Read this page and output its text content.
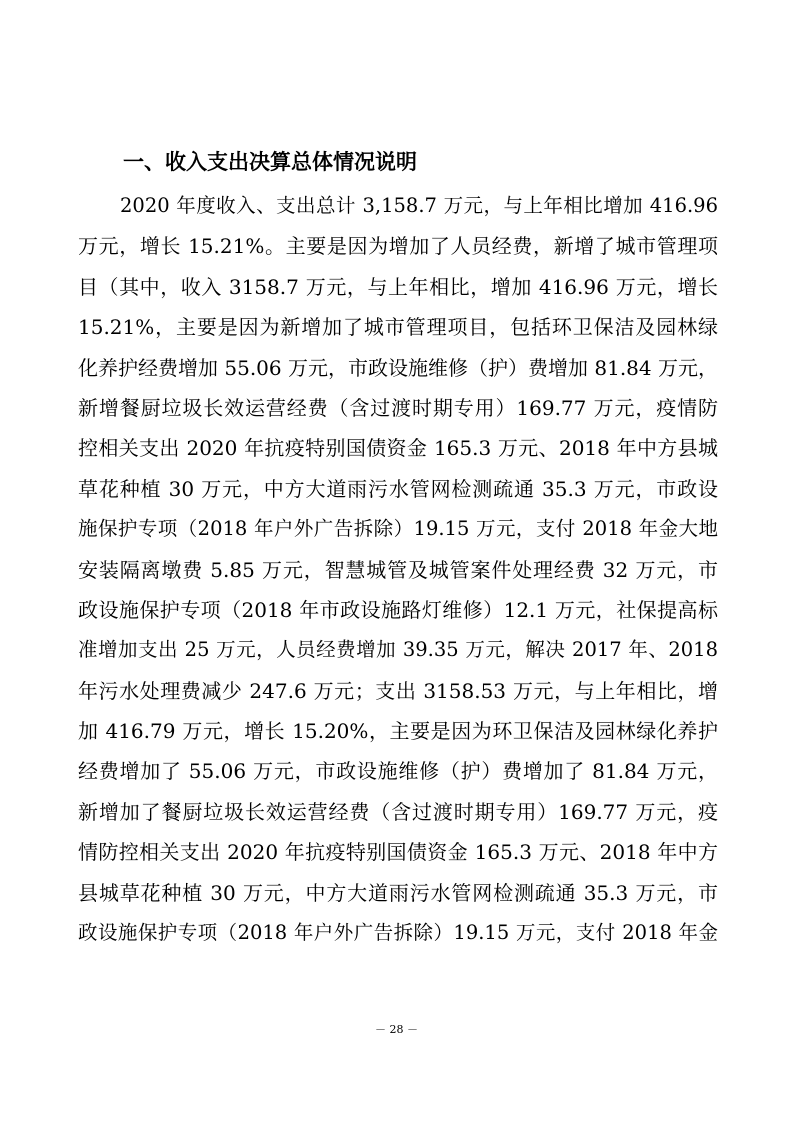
一、收入支出决算总体情况说明
2020 年度收入、支出总计 3,158.7 万元，与上年相比增加 416.96
万元，增长 15.21%。主要是因为增加了人员经费，新增了城市管理项
目（其中，收入 3158.7 万元，与上年相比，增加 416.96 万元，增长
15.21%，主要是因为新增加了城市管理项目，包括环卫保洁及园林绿
化养护经费增加 55.06 万元，市政设施维修（护）费增加 81.84 万元，
新增餐厨垃圾长效运营经费（含过渡时期专用）169.77 万元，疫情防
控相关支出 2020 年抗疫特别国债资金 165.3 万元、2018 年中方县城
草花种植 30 万元，中方大道雨污水管网检测疏通 35.3 万元，市政设
施保护专项（2018 年户外广告拆除）19.15 万元，支付 2018 年金大地
安装隔离墩费 5.85 万元，智慧城管及城管案件处理经费 32 万元，市
政设施保护专项（2018 年市政设施路灯维修）12.1 万元，社保提高标
准增加支出 25 万元，人员经费增加 39.35 万元，解决 2017 年、2018
年污水处理费减少 247.6 万元；支出 3158.53 万元，与上年相比，增
加 416.79 万元，增长 15.20%，主要是因为环卫保洁及园林绿化养护
经费增加了 55.06 万元，市政设施维修（护）费增加了 81.84 万元，
新增加了餐厨垃圾长效运营经费（含过渡时期专用）169.77 万元，疫
情防控相关支出 2020 年抗疫特别国债资金 165.3 万元、2018 年中方
县城草花种植 30 万元，中方大道雨污水管网检测疏通 35.3 万元，市
政设施保护专项（2018 年户外广告拆除）19.15 万元，支付 2018 年金
－ 28 －
